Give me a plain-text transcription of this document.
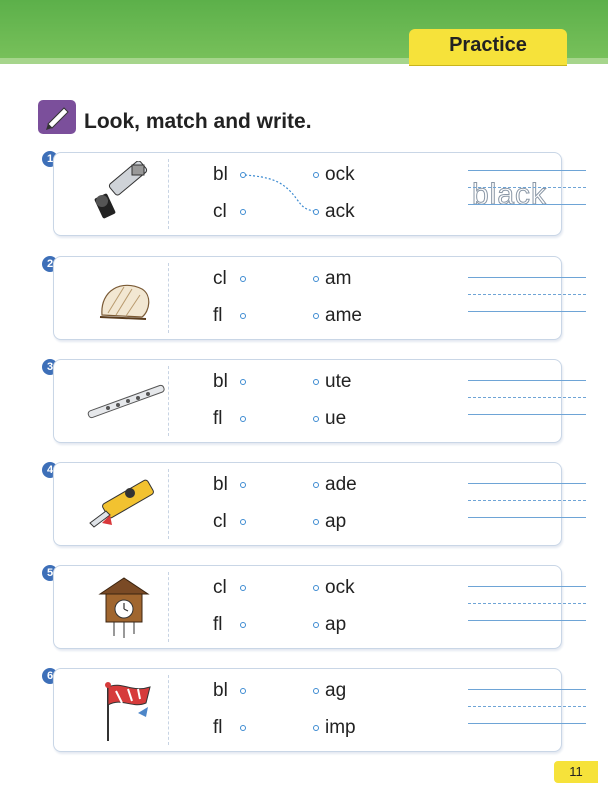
Practice
Look, match and write.
1
bl
cl
ock
ack
black
2
cl
fl
am
ame
3
bl
fl
ute
ue
4
bl
cl
ade
ap
5
cl
fl
ock
ap
6
bl
fl
ag
imp
11
